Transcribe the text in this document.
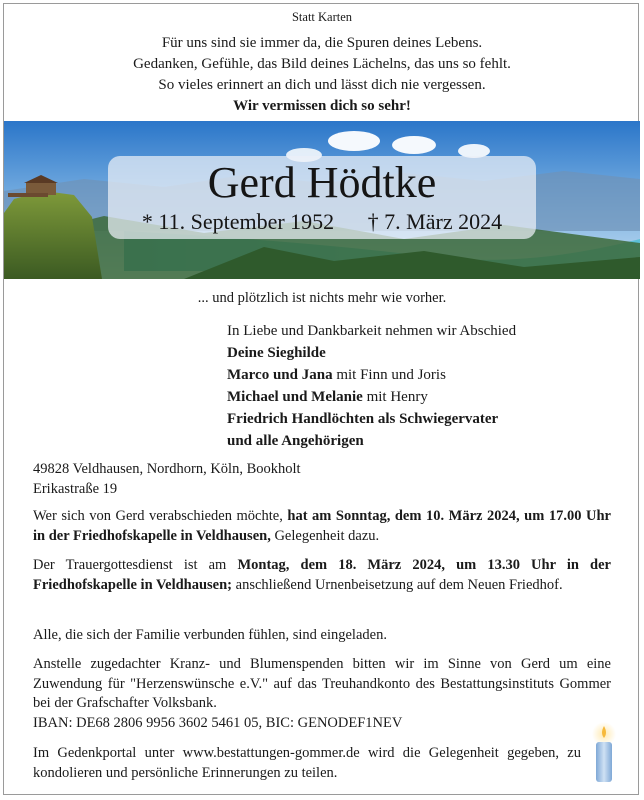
Statt Karten
Für uns sind sie immer da, die Spuren deines Lebens.
Gedanken, Gefühle, das Bild deines Lächelns, das uns so fehlt.
So vieles erinnert an dich und lässt dich nie vergessen.
Wir vermissen dich so sehr!
Gerd Hödtke
* 11. September 1952 † 7. März 2024
... und plötzlich ist nichts mehr wie vorher.
In Liebe und Dankbarkeit nehmen wir Abschied
Deine Sieghilde
Marco und Jana mit Finn und Joris
Michael und Melanie mit Henry
Friedrich Handlöchten als Schwiegervater
und alle Angehörigen
49828 Veldhausen, Nordhorn, Köln, Bookholt
Erikastraße 19
Wer sich von Gerd verabschieden möchte, hat am Sonntag, dem 10. März 2024, um 17.00 Uhr in der Friedhofskapelle in Veldhausen, Gelegenheit dazu.
Der Trauergottesdienst ist am Montag, dem 18. März 2024, um 13.30 Uhr in der Friedhofskapelle in Veldhausen; anschließend Urnenbeisetzung auf dem Neuen Friedhof.
Alle, die sich der Familie verbunden fühlen, sind eingeladen.
Anstelle zugedachter Kranz- und Blumenspenden bitten wir im Sinne von Gerd um eine Zuwendung für "Herzenswünsche e.V." auf das Treuhandkonto des Bestattungsinstituts Gommer bei der Grafschafter Volksbank.
IBAN: DE68 2806 9956 3602 5461 05, BIC: GENODEF1NEV
Im Gedenkportal unter www.bestattungen-gommer.de wird die Gelegenheit gegeben, zu kondolieren und persönliche Erinnerungen zu teilen.
